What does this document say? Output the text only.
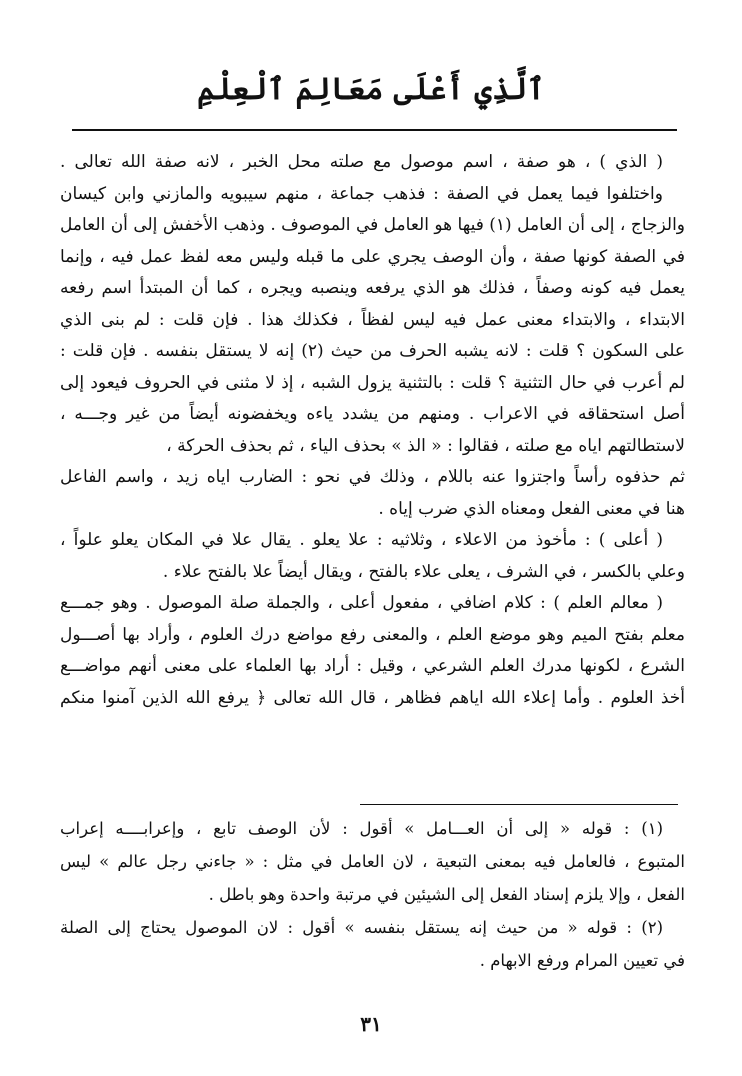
ٱلَّذِي أَعْلَى مَعَالِمَ ٱلْعِلْمِ
( الذي ) ، هو صفة ، اسم موصول مع صلته محل الخبر ، لانه صفة الله تعالى .
واختلفوا فيما يعمل في الصفة : فذهب جماعة ، منهم سيبويه والمازني وابن كيسان
والزجاج ، إلى أن العامل (١) فيها هو العامل في الموصوف . وذهب الأخفش إلى أن العامل
في الصفة كونها صفة ، وأن الوصف يجري على ما قبله وليس معه لفظ عمل فيه ، وإنما
يعمل فيه كونه وصفاً ، فذلك هو الذي يرفعه وينصبه ويجره ، كما أن المبتدأ اسم رفعه
الابتداء ، والابتداء معنى عمل فيه ليس لفظاً ، فكذلك هذا . فإن قلت : لم بنى الذي
على السكون ؟ قلت : لانه يشبه الحرف من حيث (٢) إنه لا يستقل بنفسه . فإن قلت :
لم أعرب في حال التثنية ؟ قلت : بالتثنية يزول الشبه ، إذ لا مثنى في الحروف فيعود إلى
أصل استحقاقه في الاعراب . ومنهم من يشدد ياءه ويخفضونه أيضاً من غير وجـــه ،
لاستطالتهم اياه مع صلته ، فقالوا : « الذ » بحذف الياء ، ثم بحذف الحركة ،
ثم حذفوه رأساً واجتزوا عنه باللام ، وذلك في نحو : الضارب اياه زيد ، واسم الفاعل
هنا في معنى الفعل ومعناه الذي ضرب إياه .
( أعلى ) : مأخوذ من الاعلاء ، وثلاثيه : علا يعلو . يقال علا في المكان يعلو علواً ،
وعلي بالكسر ، في الشرف ، يعلى علاء بالفتح ، ويقال أيضاً علا بالفتح علاء .
( معالم العلم ) : كلام اضافي ، مفعول أعلى ، والجملة صلة الموصول . وهو جمـــع
معلم بفتح الميم وهو موضع العلم ، والمعنى رفع مواضع درك العلوم ، وأراد بها أصـــول
الشرع ، لكونها مدرك العلم الشرعي ، وقيل : أراد بها العلماء على معنى أنهم مواضـــع
أخذ العلوم . وأما إعلاء الله اياهم فظاهر ، قال الله تعالى ﴿ يرفع الله الذين آمنوا منكم
(١) : قوله « إلى أن العـــامل » أقول : لأن الوصف تابع ، وإعرابــــه إعراب
المتبوع ، فالعامل فيه بمعنى التبعية ، لان العامل في مثل : « جاءني رجل عالم » ليس
الفعل ، وإلا يلزم إسناد الفعل إلى الشيئين في مرتبة واحدة وهو باطل .
(٢) : قوله « من حيث إنه يستقل بنفسه » أقول : لان الموصول يحتاج إلى الصلة
في تعيين المرام ورفع الابهام .
٣١
